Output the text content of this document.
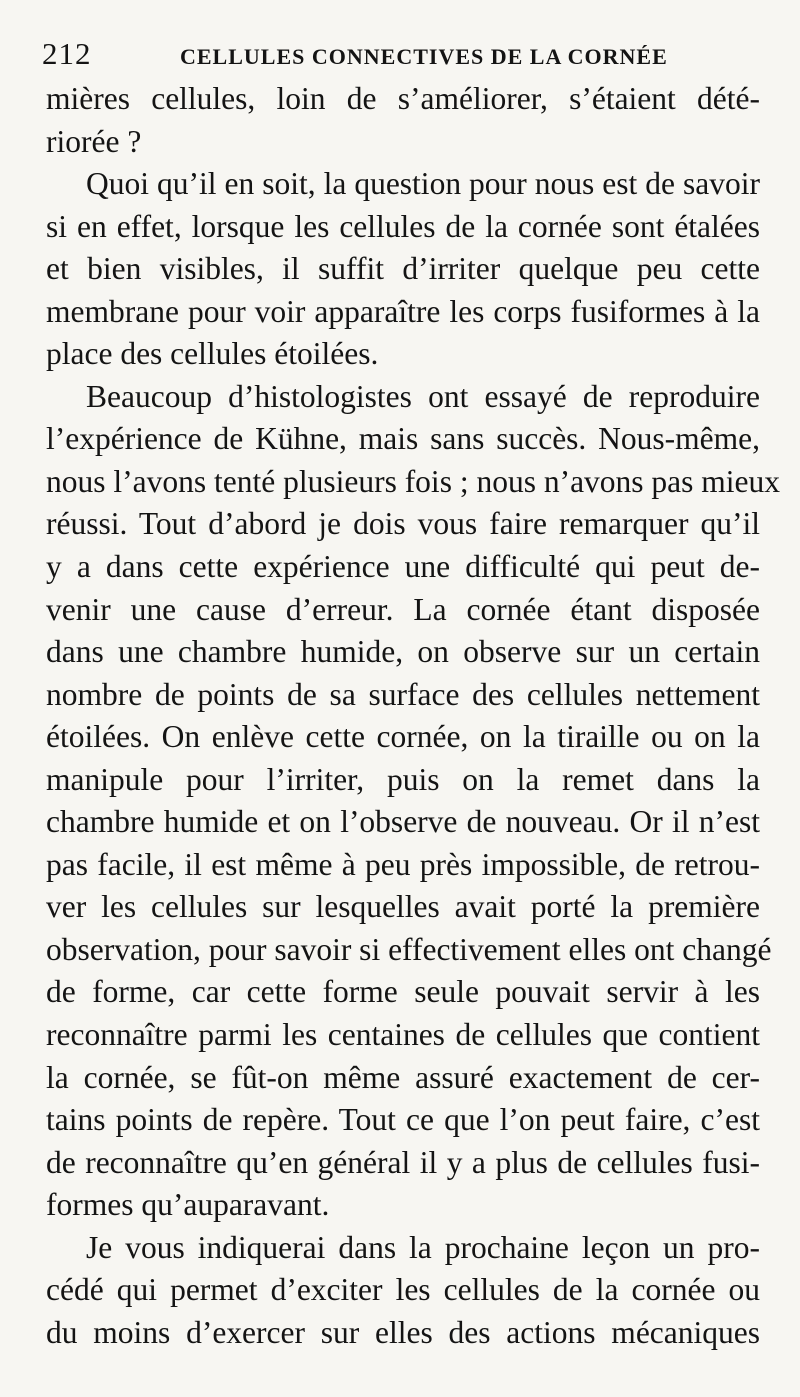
212	CELLULES CONNECTIVES DE LA CORNÉE
mières cellules, loin de s’améliorer, s’étaient dété-
riorée ?
Quoi qu’il en soit, la question pour nous est de savoir
si en effet, lorsque les cellules de la cornée sont étalées
et bien visibles, il suffit d’irriter quelque peu cette
membrane pour voir apparaître les corps fusiformes à la
place des cellules étoilées.
Beaucoup d’histologistes ont essayé de reproduire
l’expérience de Kühne, mais sans succès. Nous-même,
nous l’avons tenté plusieurs fois ; nous n’avons pas mieux
réussi. Tout d’abord je dois vous faire remarquer qu’il
y a dans cette expérience une difficulté qui peut de-
venir une cause d’erreur. La cornée étant disposée
dans une chambre humide, on observe sur un certain
nombre de points de sa surface des cellules nettement
étoilées. On enlève cette cornée, on la tiraille ou on la
manipule pour l’irriter, puis on la remet dans la
chambre humide et on l’observe de nouveau. Or il n’est
pas facile, il est même à peu près impossible, de retrou-
ver les cellules sur lesquelles avait porté la première
observation, pour savoir si effectivement elles ont changé
de forme, car cette forme seule pouvait servir à les
reconnaître parmi les centaines de cellules que contient
la cornée, se fût-on même assuré exactement de cer-
tains points de repère. Tout ce que l’on peut faire, c’est
de reconnaître qu’en général il y a plus de cellules fusi-
formes qu’auparavant.
Je vous indiquerai dans la prochaine leçon un pro-
cédé qui permet d’exciter les cellules de la cornée ou
du moins d’exercer sur elles des actions mécaniques
